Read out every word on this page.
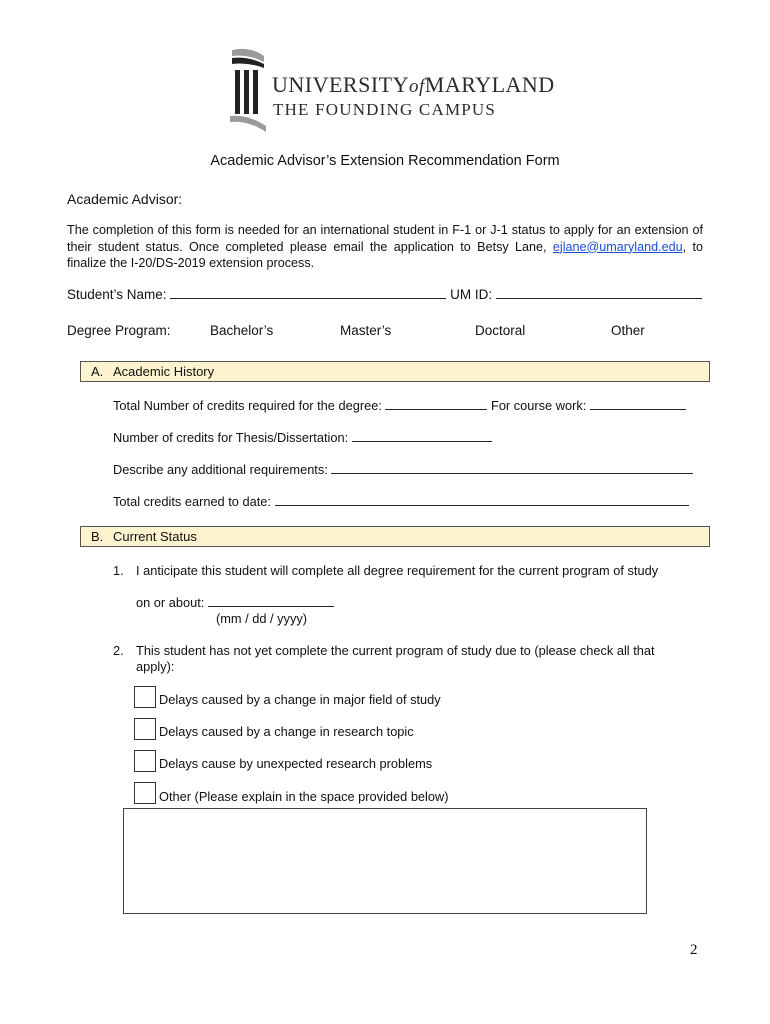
UNIVERSITYofMARYLAND
THE FOUNDING CAMPUS
Academic Advisor’s Extension Recommendation Form
Academic Advisor:
The completion of this form is needed for an international student in F-1 or J-1 status to apply for an extension of their student status. Once completed please email the application to Betsy Lane, ejlane@umaryland.edu, to finalize the I-20/DS-2019 extension process.
Student’s Name:	UM ID:
Degree Program:	Bachelor’s	Master’s	Doctoral	Other
A. Academic History
Total Number of credits required for the degree:	For course work:
Number of credits for Thesis/Dissertation:
Describe any additional requirements:
Total credits earned to date:
B. Current Status
1. I anticipate this student will complete all degree requirement for the current program of study
on or about:
(mm / dd / yyyy)
2. This student has not yet complete the current program of study due to (please check all that
apply):
Delays caused by a change in major field of study
Delays caused by a change in research topic
Delays cause by unexpected research problems
Other (Please explain in the space provided below)
2
